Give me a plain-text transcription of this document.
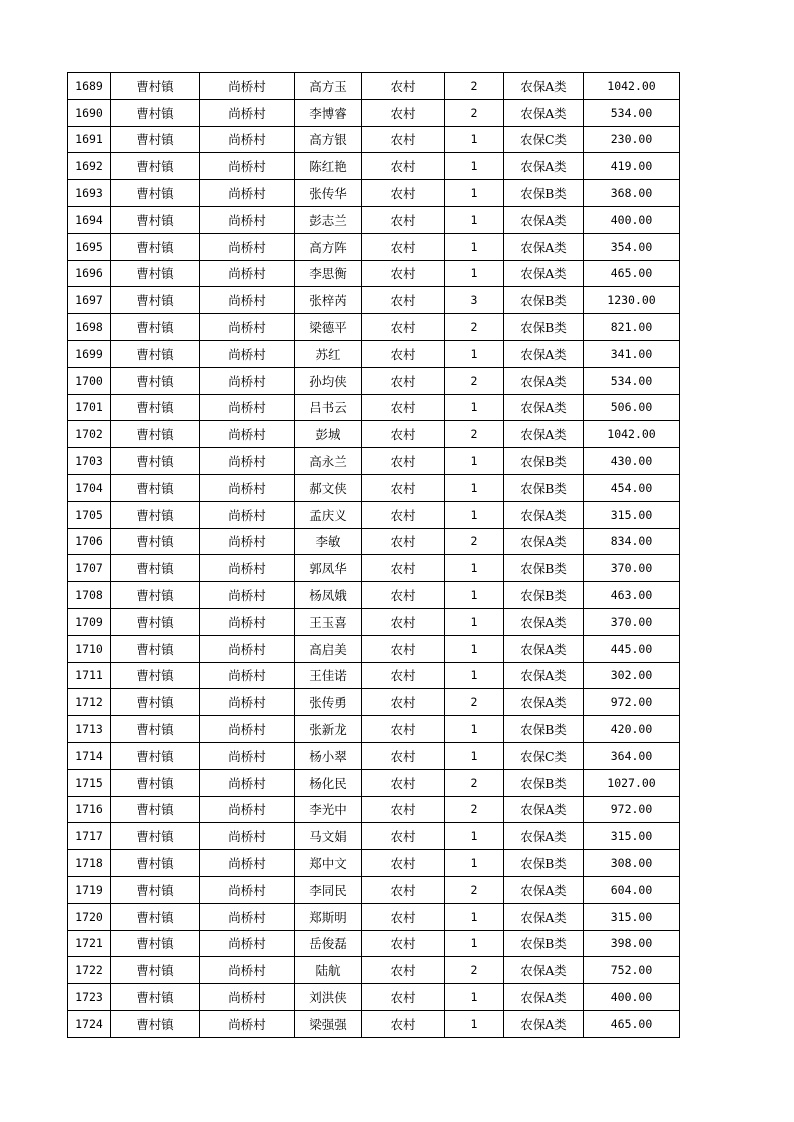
1689	曹村镇	尚桥村	高方玉	农村	2	农保A类	1042.00
1690	曹村镇	尚桥村	李博睿	农村	2	农保A类	534.00
1691	曹村镇	尚桥村	高方银	农村	1	农保C类	230.00
1692	曹村镇	尚桥村	陈红艳	农村	1	农保A类	419.00
1693	曹村镇	尚桥村	张传华	农村	1	农保B类	368.00
1694	曹村镇	尚桥村	彭志兰	农村	1	农保A类	400.00
1695	曹村镇	尚桥村	高方阵	农村	1	农保A类	354.00
1696	曹村镇	尚桥村	李思衡	农村	1	农保A类	465.00
1697	曹村镇	尚桥村	张梓芮	农村	3	农保B类	1230.00
1698	曹村镇	尚桥村	梁德平	农村	2	农保B类	821.00
1699	曹村镇	尚桥村	苏红	农村	1	农保A类	341.00
1700	曹村镇	尚桥村	孙均侠	农村	2	农保A类	534.00
1701	曹村镇	尚桥村	吕书云	农村	1	农保A类	506.00
1702	曹村镇	尚桥村	彭城	农村	2	农保A类	1042.00
1703	曹村镇	尚桥村	高永兰	农村	1	农保B类	430.00
1704	曹村镇	尚桥村	郝文侠	农村	1	农保B类	454.00
1705	曹村镇	尚桥村	孟庆义	农村	1	农保A类	315.00
1706	曹村镇	尚桥村	李敏	农村	2	农保A类	834.00
1707	曹村镇	尚桥村	郭凤华	农村	1	农保B类	370.00
1708	曹村镇	尚桥村	杨凤娥	农村	1	农保B类	463.00
1709	曹村镇	尚桥村	王玉喜	农村	1	农保A类	370.00
1710	曹村镇	尚桥村	高启美	农村	1	农保A类	445.00
1711	曹村镇	尚桥村	王佳诺	农村	1	农保A类	302.00
1712	曹村镇	尚桥村	张传勇	农村	2	农保A类	972.00
1713	曹村镇	尚桥村	张新龙	农村	1	农保B类	420.00
1714	曹村镇	尚桥村	杨小翠	农村	1	农保C类	364.00
1715	曹村镇	尚桥村	杨化民	农村	2	农保B类	1027.00
1716	曹村镇	尚桥村	李光中	农村	2	农保A类	972.00
1717	曹村镇	尚桥村	马文娟	农村	1	农保A类	315.00
1718	曹村镇	尚桥村	郑中文	农村	1	农保B类	308.00
1719	曹村镇	尚桥村	李同民	农村	2	农保A类	604.00
1720	曹村镇	尚桥村	郑斯明	农村	1	农保A类	315.00
1721	曹村镇	尚桥村	岳俊磊	农村	1	农保B类	398.00
1722	曹村镇	尚桥村	陆航	农村	2	农保A类	752.00
1723	曹村镇	尚桥村	刘洪侠	农村	1	农保A类	400.00
1724	曹村镇	尚桥村	梁强强	农村	1	农保A类	465.00
